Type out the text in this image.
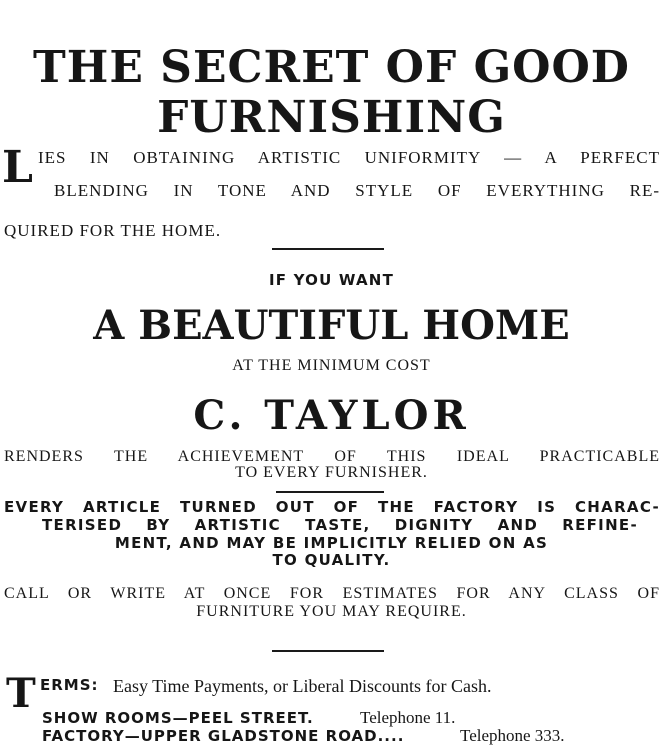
THE SECRET OF GOOD
FURNISHING
L IES IN OBTAINING ARTISTIC UNIFORMITY — A PERFECT
BLENDING IN TONE AND STYLE OF EVERYTHING RE-
QUIRED FOR THE HOME.
IF YOU WANT
A BEAUTIFUL HOME
AT THE MINIMUM COST
C. TAYLOR
RENDERS THE ACHIEVEMENT OF THIS IDEAL PRACTICABLE
TO EVERY FURNISHER.
EVERY ARTICLE TURNED OUT OF THE FACTORY IS CHARAC-
TERISED BY ARTISTIC TASTE, DIGNITY AND REFINE-
MENT, AND MAY BE IMPLICITLY RELIED ON AS
TO QUALITY.
CALL OR WRITE AT ONCE FOR ESTIMATES FOR ANY CLASS OF
FURNITURE YOU MAY REQUIRE.
T ERMS: Easy Time Payments, or Liberal Discounts for Cash.
SHOW ROOMS—PEEL STREET.	Telephone 11.
FACTORY—UPPER GLADSTONE ROAD....	Telephone 333.
